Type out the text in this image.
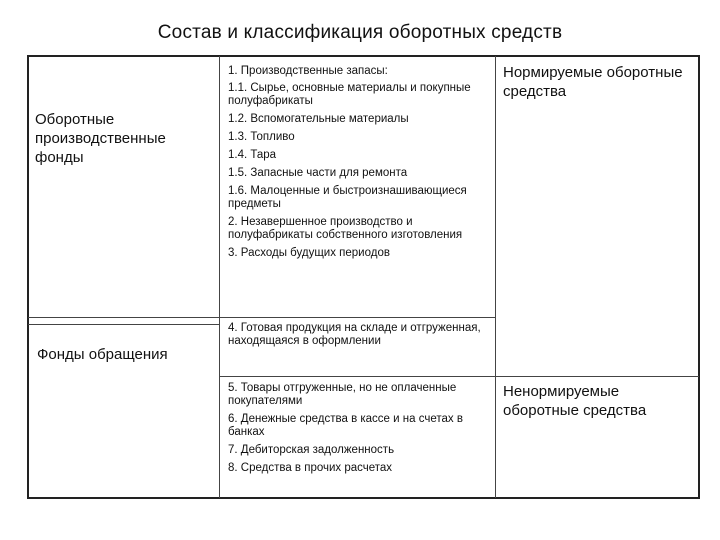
Состав и классификация оборотных средств
Оборотные производственные фонды
Фонды обращения
1. Производственные запасы:
1.1. Сырье, основные материалы и покупные полуфабрикаты
1.2. Вспомогательные материалы
1.3. Топливо
1.4. Тара
1.5. Запасные части для ремонта
1.6. Малоценные и быстроизнашивающиеся предметы
2. Незавершенное производство и полуфабрикаты собственного изготовления
3. Расходы будущих периодов
4. Готовая продукция на складе и отгруженная, находящаяся в оформлении
5. Товары отгруженные, но не оплаченные покупателями
6. Денежные средства в кассе и на счетах в банках
7. Дебиторская задолженность
8. Средства в прочих расчетах
Нормируемые оборотные средства
Ненормируемые оборотные средства
